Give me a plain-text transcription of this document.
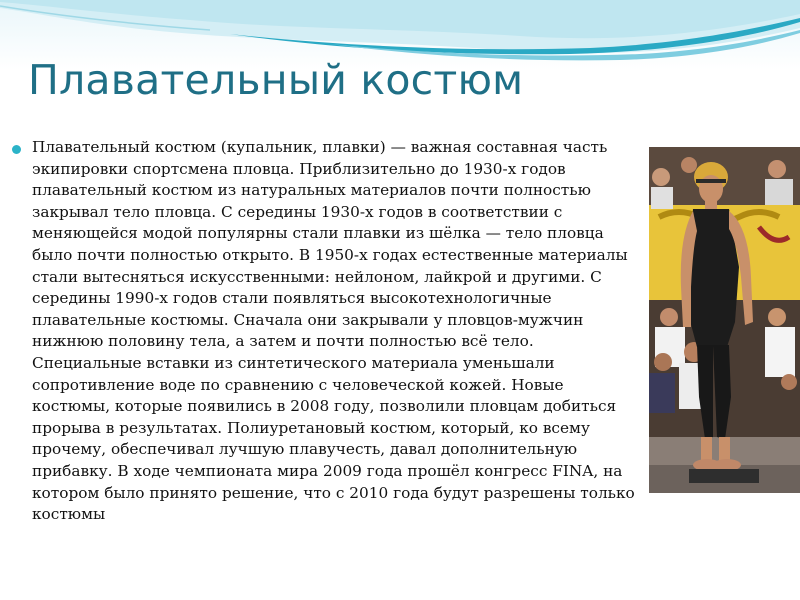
Плавательный костюм

Плавательный костюм (купальник, плавки) — важная составная часть экипировки спортсмена пловца. Приблизительно до 1930-х годов плавательный костюм из натуральных материалов почти полностью закрывал тело пловца. С середины 1930-х годов в соответствии с меняющейся модой популярны стали плавки из шёлка — тело пловца было почти полностью открыто. В 1950-х годах естественные материалы стали вытесняться искусственными: нейлоном, лайкрой и другими. С середины 1990-х годов стали появляться высокотехнологичные плавательные костюмы. Сначала они закрывали у пловцов-мужчин нижнюю половину тела, а затем и почти полностью всё тело. Специальные вставки из синтетического материала уменьшали сопротивление воде по сравнению с человеческой кожей. Новые костюмы, которые появились в 2008 году, позволили пловцам добиться прорыва в результатах. Полиуретановый костюм, который, ко всему прочему, обеспечивал лучшую плавучесть, давал дополнительную прибавку. В ходе чемпионата мира 2009 года прошёл конгресс FINA, на котором было принято решение, что с 2010 года будут разрешены только костюмы
